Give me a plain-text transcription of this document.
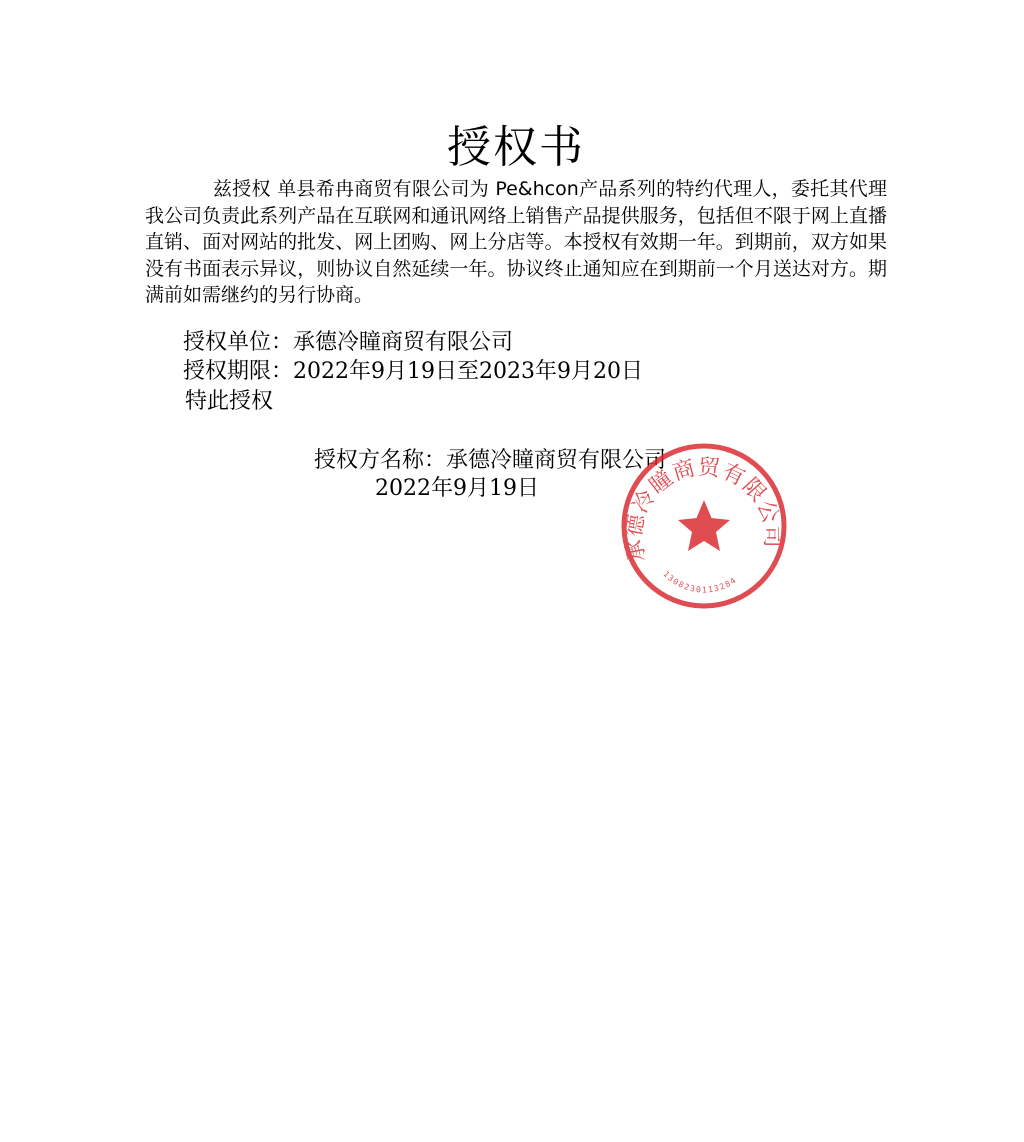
授权书

兹授权 单县希冉商贸有限公司为 Pe&hcon产品系列的特约代理人，委托其代理我公司负责此系列产品在互联网和通讯网络上销售产品提供服务，包括但不限于网上直播直销、面对网站的批发、网上团购、网上分店等。本授权有效期一年。到期前，双方如果没有书面表示异议，则协议自然延续一年。协议终止通知应在到期前一个月送达对方。期满前如需继约的另行协商。

授权单位：承德冷瞳商贸有限公司
授权期限：2022年9月19日至2023年9月20日
特此授权
授权方名称：承德冷瞳商贸有限公司
2022年9月19日
承德冷瞳商贸有限公司
1308230113284
